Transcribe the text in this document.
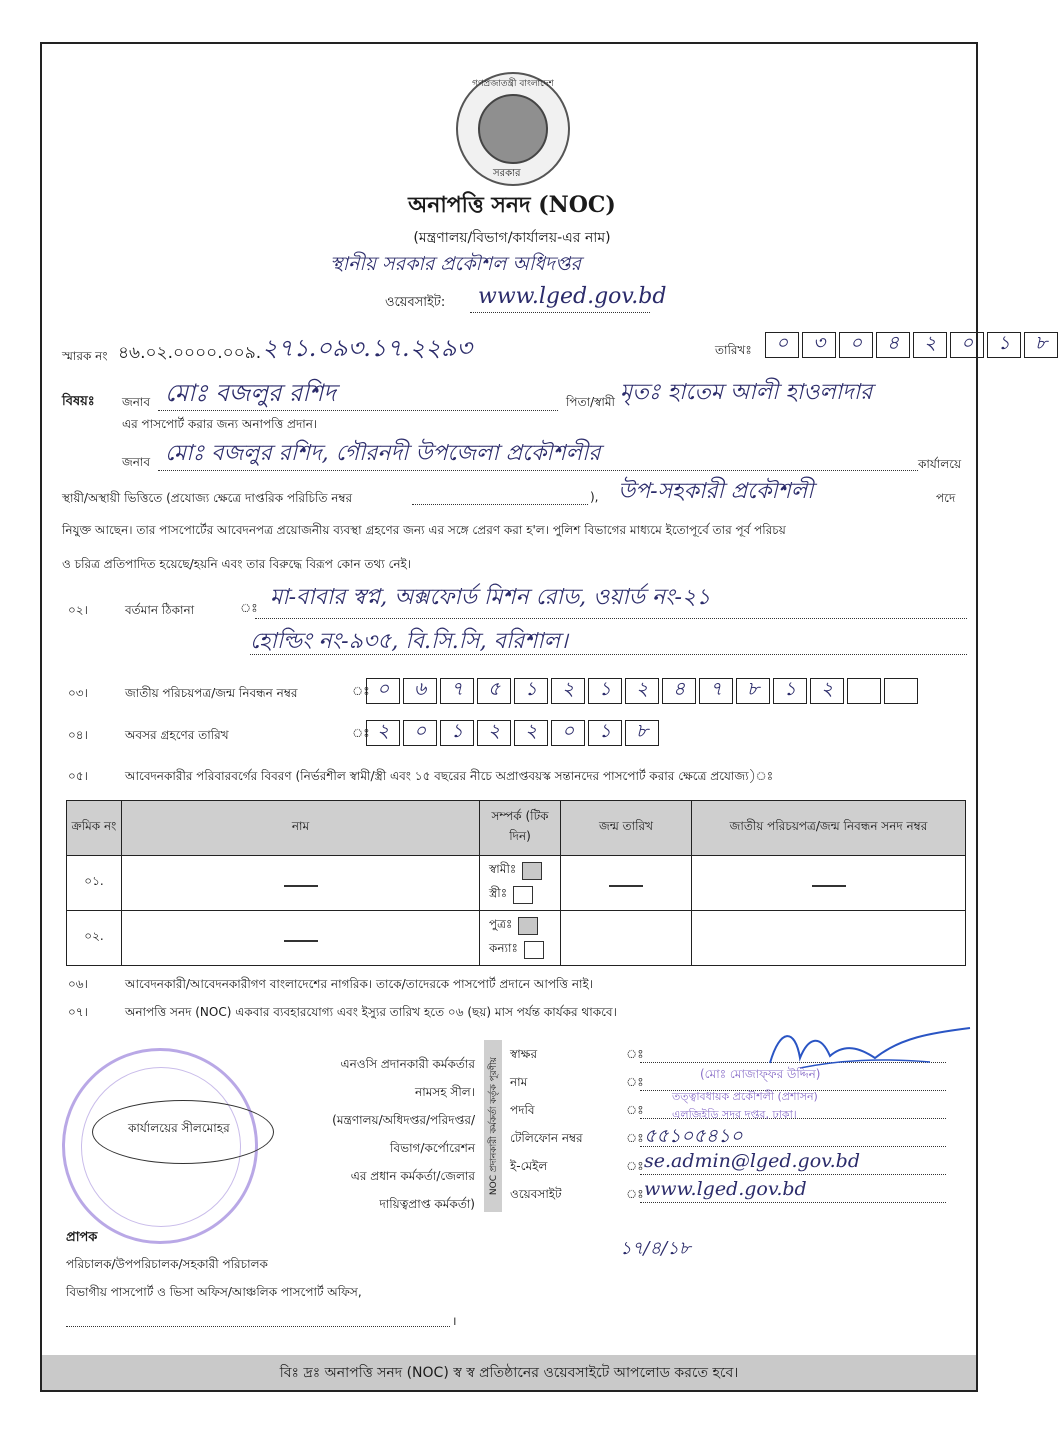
গণপ্রজাতন্ত্রী বাংলাদেশ
সরকার
অনাপত্তি সনদ (NOC)
(মন্ত্রণালয়/বিভাগ/কার্যালয়-এর নাম)
স্থানীয় সরকার প্রকৌশল অধিদপ্তর
ওয়েবসাইট: www.lged.gov.bd
স্মারক নং ৪৬.০২.০০০০.০০৯. ২৭১.০৯৩.১৭.২২৯৩	তারিখঃ	০	৩	০	৪	২	০	১	৮
বিষয়ঃ জনাব মোঃ বজলুর রশিদ	পিতা/স্বামী মৃতঃ হাতেম আলী হাওলাদার
এর পাসপোর্ট করার জন্য অনাপত্তি প্রদান।
জনাব মোঃ বজলুর রশিদ, গৌরনদী উপজেলা প্রকৌশলীর	কার্যালয়ে
স্থায়ী/অস্থায়ী ভিত্তিতে (প্রযোজ্য ক্ষেত্রে দাপ্তরিক পরিচিতি নম্বর	), উপ-সহকারী প্রকৌশলী	পদে
নিযুক্ত আছেন। তার পাসপোর্টের আবেদনপত্র প্রয়োজনীয় ব্যবস্থা গ্রহণের জন্য এর সঙ্গে প্রেরণ করা হ'ল। পুলিশ বিভাগের মাধ্যমে ইতোপূর্বে তার পূর্ব পরিচয়
ও চরিত্র প্রতিপাদিত হয়েছে/হয়নি এবং তার বিরুদ্ধে বিরূপ কোন তথ্য নেই।
০২।	বর্তমান ঠিকানা	ঃ মা-বাবার স্বপ্ন, অক্সফোর্ড মিশন রোড, ওয়ার্ড নং-২১
হোল্ডিং নং-৯৩৫, বি.সি.সি, বরিশাল।
০৩।	জাতীয় পরিচয়পত্র/জন্ম নিবন্ধন নম্বর	ঃ ০	৬	৭	৫	১	২	১	২	৪	৭	৮	১	২
০৪।	অবসর গ্রহণের তারিখ	ঃ ২	০	১	২	২	০	১	৮
০৫।	আবেদনকারীর পরিবারবর্গের বিবরণ (নির্ভরশীল স্বামী/স্ত্রী এবং ১৫ বছরের নীচে অপ্রাপ্তবয়স্ক সন্তানদের পাসপোর্ট করার ক্ষেত্রে প্রযোজ্য)ঃ
ক্রমিক নং	নাম	সম্পর্ক (টিক দিন)	জন্ম তারিখ	জাতীয় পরিচয়পত্র/জন্ম নিবন্ধন সনদ নম্বর
০১.		স্বামীঃ
স্ত্রীঃ		

০২.		পুত্রঃ
কন্যাঃ		

০৬।	আবেদনকারী/আবেদনকারীগণ বাংলাদেশের নাগরিক। তাকে/তাদেরকে পাসপোর্ট প্রদানে আপত্তি নাই।
০৭।	অনাপত্তি সনদ (NOC) একবার ব্যবহারযোগ্য এবং ইস্যুর তারিখ হতে ০৬ (ছয়) মাস পর্যন্ত কার্যকর থাকবে।
কার্যালয়ের সীলমোহর
এনওসি প্রদানকারী কর্মকর্তার
নামসহ সীল।
(মন্ত্রণালয়/অধিদপ্তর/পরিদপ্তর/
বিভাগ/কর্পোরেশন
এর প্রধান কর্মকর্তা/জেলার
দায়িত্বপ্রাপ্ত কর্মকর্তা)
NOC প্রদানকারী কর্মকর্তা কর্তৃক পূরণীয়
স্বাক্ষর	ঃ
নাম	ঃ
পদবি	ঃ
টেলিফোন নম্বর	ঃ ৫৫১০৫৪১০
ই-মেইল	ঃ se.admin@lged.gov.bd
ওয়েবসাইট	ঃ www.lged.gov.bd
(মোঃ মোজাফ্ফর উদ্দিন)
তত্ত্বাবধায়ক প্রকৌশলী (প্রশাসন)
এলজিইডি সদর দপ্তর, ঢাকা।
১৭/৪/১৮
প্রাপক
পরিচালক/উপপরিচালক/সহকারী পরিচালক
বিভাগীয় পাসপোর্ট ও ভিসা অফিস/আঞ্চলিক পাসপোর্ট অফিস,
।
বিঃ দ্রঃ অনাপত্তি সনদ (NOC) স্ব স্ব প্রতিষ্ঠানের ওয়েবসাইটে আপলোড করতে হবে।
